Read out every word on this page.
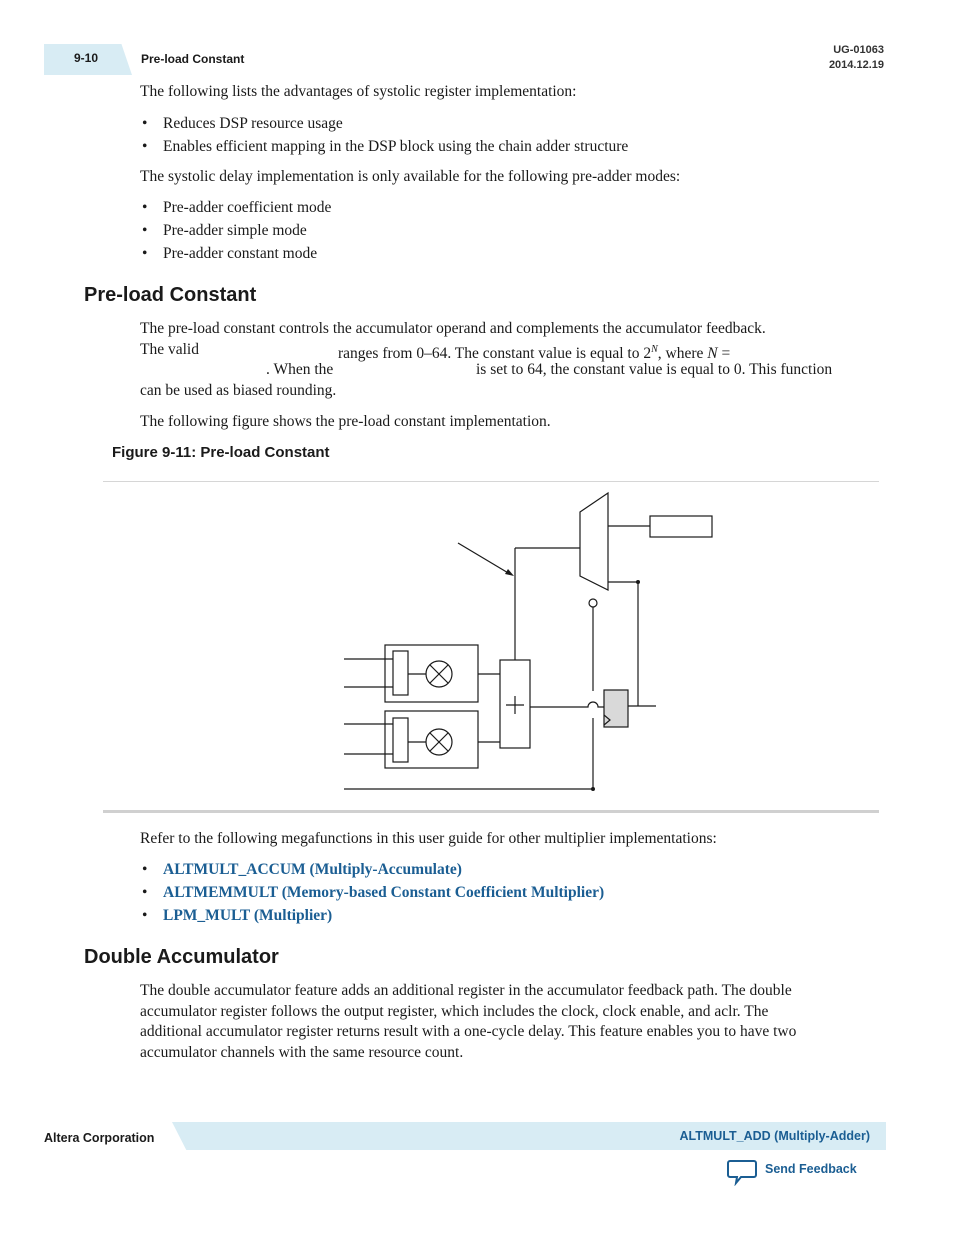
9-10	Pre-load Constant
UG-01063
2014.12.19
The following lists the advantages of systolic register implementation:
• Reduces DSP resource usage
• Enables efficient mapping in the DSP block using the chain adder structure
The systolic delay implementation is only available for the following pre-adder modes:
• Pre-adder coefficient mode
• Pre-adder simple mode
• Pre-adder constant mode
Pre-load Constant
The pre-load constant controls the accumulator operand and complements the accumulator feedback.
The valid	ranges from 0–64. The constant value is equal to $2^N$, where N =
. When the	is set to 64, the constant value is equal to 0. This function
can be used as biased rounding.
The following figure shows the pre-load constant implementation.
Figure 9-11: Pre-load Constant
Refer to the following megafunctions in this user guide for other multiplier implementations:
• ALTMULT_ACCUM (Multiply-Accumulate)
• ALTMEMMULT (Memory-based Constant Coefficient Multiplier)
• LPM_MULT (Multiplier)
Double Accumulator
The double accumulator feature adds an additional register in the accumulator feedback path. The double
accumulator register follows the output register, which includes the clock, clock enable, and aclr. The
additional accumulator register returns result with a one-cycle delay. This feature enables you to have two
accumulator channels with the same resource count.
Altera Corporation	ALTMULT_ADD (Multiply-Adder)
Send Feedback
